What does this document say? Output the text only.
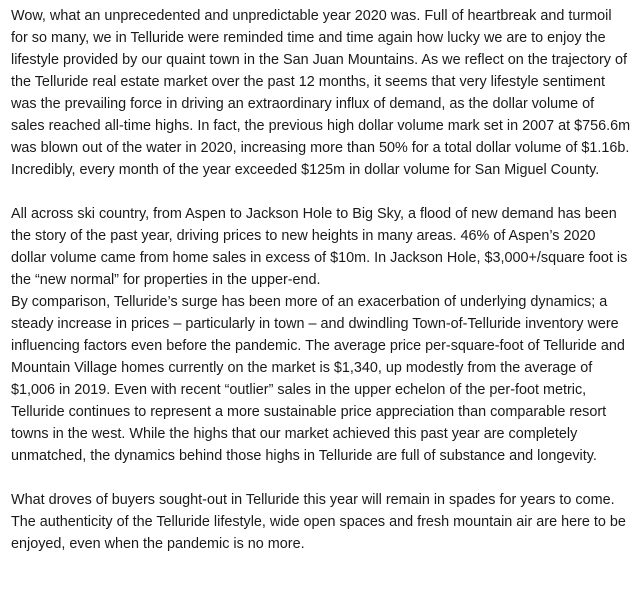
Wow, what an unprecedented and unpredictable year 2020 was. Full of heartbreak and turmoil for so many, we in Telluride were reminded time and time again how lucky we are to enjoy the lifestyle provided by our quaint town in the San Juan Mountains. As we reflect on the trajectory of the Telluride real estate market over the past 12 months, it seems that very lifestyle sentiment was the prevailing force in driving an extraordinary influx of demand, as the dollar volume of sales reached all-time highs. In fact, the previous high dollar volume mark set in 2007 at $756.6m was blown out of the water in 2020, increasing more than 50% for a total dollar volume of $1.16b. Incredibly, every month of the year exceeded $125m in dollar volume for San Miguel County.

All across ski country, from Aspen to Jackson Hole to Big Sky, a flood of new demand has been the story of the past year, driving prices to new heights in many areas. 46% of Aspen’s 2020 dollar volume came from home sales in excess of $10m. In Jackson Hole, $3,000+/square foot is the “new normal” for properties in the upper-end.
By comparison, Telluride’s surge has been more of an exacerbation of underlying dynamics; a steady increase in prices – particularly in town – and dwindling Town-of-Telluride inventory were influencing factors even before the pandemic. The average price per-square-foot of Telluride and Mountain Village homes currently on the market is $1,340, up modestly from the average of $1,006 in 2019. Even with recent “outlier” sales in the upper echelon of the per-foot metric, Telluride continues to represent a more sustainable price appreciation than comparable resort towns in the west. While the highs that our market achieved this past year are completely unmatched, the dynamics behind those highs in Telluride are full of substance and longevity.

What droves of buyers sought-out in Telluride this year will remain in spades for years to come. The authenticity of the Telluride lifestyle, wide open spaces and fresh mountain air are here to be enjoyed, even when the pandemic is no more.
